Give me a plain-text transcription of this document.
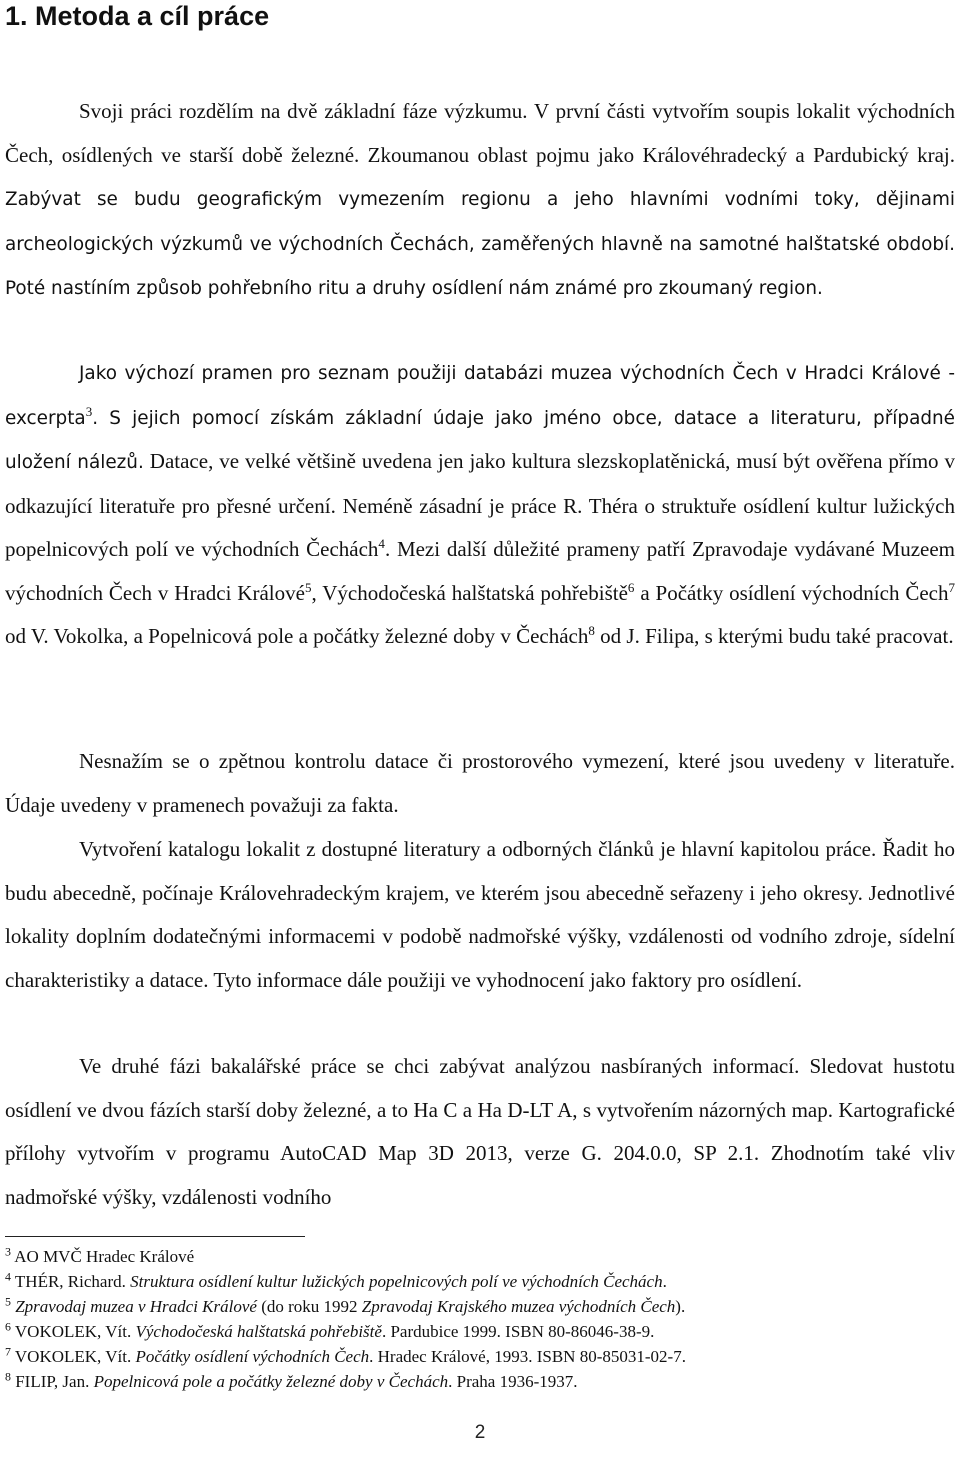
1. Metoda a cíl práce

Svoji práci rozdělím na dvě základní fáze výzkumu. V první části vytvořím soupis lokalit východních Čech, osídlených ve starší době železné. Zkoumanou oblast pojmu jako Královéhradecký a Pardubický kraj. Zabývat se budu geografickým vymezením regionu a jeho hlavními vodními toky, dějinami archeologických výzkumů ve východních Čechách, zaměřených hlavně na samotné halštatské období. Poté nastíním způsob pohřebního ritu a druhy osídlení nám známé pro zkoumaný region.

Jako výchozí pramen pro seznam použiji databázi muzea východních Čech v Hradci Králové - excerpta$^3$. S jejich pomocí získám základní údaje jako jméno obce, datace a literaturu, případné uložení nálezů. Datace, ve velké většině uvedena jen jako kultura slezskoplatěnická, musí být ověřena přímo v odkazující literatuře pro přesné určení. Neméně zásadní je práce R. Théra o struktuře osídlení kultur lužických popelnicových polí ve východních Čechách$^4$. Mezi další důležité prameny patří Zpravodaje vydávané Muzeem východních Čech v Hradci Králové$^5$, Východočeská halštatská pohřebiště$^6$ a Počátky osídlení východních Čech$^7$ od V. Vokolka, a Popelnicová pole a počátky železné doby v Čechách$^8$ od J. Filipa, s kterými budu také pracovat.

Nesnažím se o zpětnou kontrolu datace či prostorového vymezení, které jsou uvedeny v literatuře. Údaje uvedeny v pramenech považuji za fakta.

Vytvoření katalogu lokalit z dostupné literatury a odborných článků je hlavní kapitolou práce. Řadit ho budu abecedně, počínaje Královehradeckým krajem, ve kterém jsou abecedně seřazeny i jeho okresy. Jednotlivé lokality doplním dodatečnými informacemi v podobě nadmořské výšky, vzdálenosti od vodního zdroje, sídelní charakteristiky a datace. Tyto informace dále použiji ve vyhodnocení jako faktory pro osídlení.

Ve druhé fázi bakalářské práce se chci zabývat analýzou nasbíraných informací. Sledovat hustotu osídlení ve dvou fázích starší doby železné, a to Ha C a Ha D-LT A, s vytvořením názorných map. Kartografické přílohy vytvořím v programu AutoCAD Map 3D 2013, verze G. 204.0.0, SP 2.1. Zhodnotím také vliv nadmořské výšky, vzdálenosti vodního

$^3$ AO MVČ Hradec Králové

$^4$ THÉR, Richard. Struktura osídlení kultur lužických popelnicových polí ve východních Čechách.

$^5$ Zpravodaj muzea v Hradci Králové (do roku 1992 Zpravodaj Krajského muzea východních Čech).

$^6$ VOKOLEK, Vít. Východočeská halštatská pohřebiště. Pardubice 1999. ISBN 80-86046-38-9.

$^7$ VOKOLEK, Vít. Počátky osídlení východních Čech. Hradec Králové, 1993. ISBN 80-85031-02-7.

$^8$ FILIP, Jan. Popelnicová pole a počátky železné doby v Čechách. Praha 1936-1937.

2
